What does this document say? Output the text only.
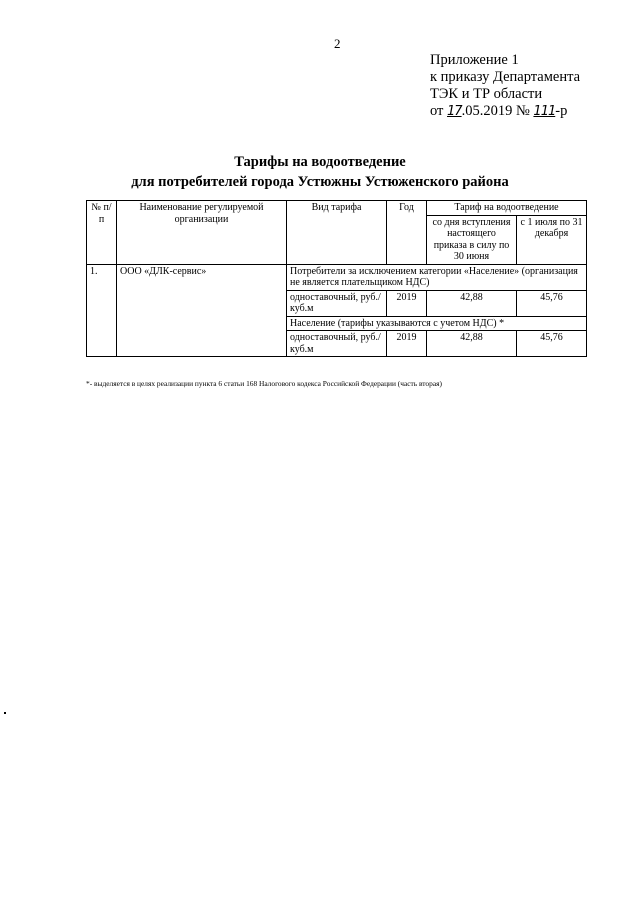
2
Приложение 1
к приказу Департамента
ТЭК и ТР области
от 17.05.2019 № 111-р
Тарифы на водоотведение
для потребителей города Устюжны Устюженского района
№ п/п	Наименование регулируемой организации	Вид тарифа	Год	Тариф на водоотведение	
				со дня вступления настоящего приказа в силу по 30 июня	с 1 июля по 31 декабря
1.	ООО «ДЛК-сервис»	Потребители за исключением категории «Население» (организация не является плательщиком НДС)			
		одноставочный, руб./куб.м	2019	42,88	45,76
		Население (тарифы указываются с учетом НДС) *			
		одноставочный, руб./куб.м	2019	42,88	45,76
*- выделяется в целях реализации пункта 6 статьи 168 Налогового кодекса Российской Федерации (часть вторая)
